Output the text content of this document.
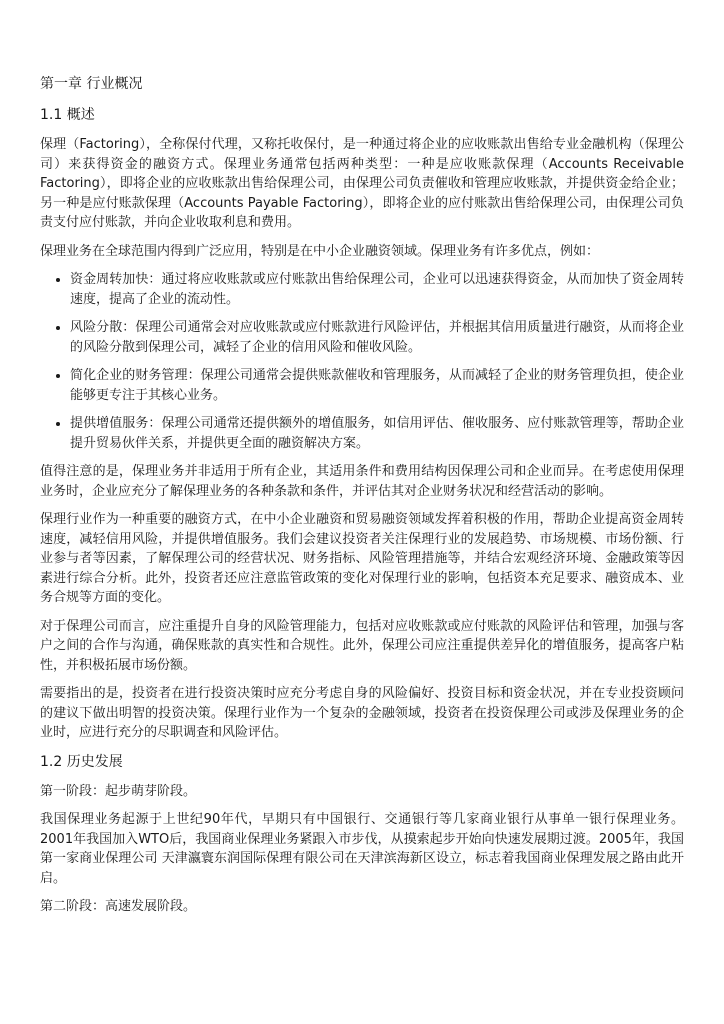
第一章 行业概况
1.1 概述

保理（Factoring），全称保付代理，又称托收保付，是一种通过将企业的应收账款出售给专业金融机构（保理公司）来获得资金的融资方式。保理业务通常包括两种类型：一种是应收账款保理（Accounts Receivable Factoring），即将企业的应收账款出售给保理公司，由保理公司负责催收和管理应收账款，并提供资金给企业；另一种是应付账款保理（Accounts Payable Factoring），即将企业的应付账款出售给保理公司，由保理公司负责支付应付账款，并向企业收取利息和费用。

保理业务在全球范围内得到广泛应用，特别是在中小企业融资领域。保理业务有许多优点，例如：

• 资金周转加快：通过将应收账款或应付账款出售给保理公司，企业可以迅速获得资金，从而加快了资金周转速度，提高了企业的流动性。
• 风险分散：保理公司通常会对应收账款或应付账款进行风险评估，并根据其信用质量进行融资，从而将企业的风险分散到保理公司，减轻了企业的信用风险和催收风险。
• 简化企业的财务管理：保理公司通常会提供账款催收和管理服务，从而减轻了企业的财务管理负担，使企业能够更专注于其核心业务。
• 提供增值服务：保理公司通常还提供额外的增值服务，如信用评估、催收服务、应付账款管理等，帮助企业提升贸易伙伴关系，并提供更全面的融资解决方案。

值得注意的是，保理业务并非适用于所有企业，其适用条件和费用结构因保理公司和企业而异。在考虑使用保理业务时，企业应充分了解保理业务的各种条款和条件，并评估其对企业财务状况和经营活动的影响。

保理行业作为一种重要的融资方式，在中小企业融资和贸易融资领域发挥着积极的作用，帮助企业提高资金周转速度，减轻信用风险，并提供增值服务。我们会建议投资者关注保理行业的发展趋势、市场规模、市场份额、行业参与者等因素，了解保理公司的经营状况、财务指标、风险管理措施等，并结合宏观经济环境、金融政策等因素进行综合分析。此外，投资者还应注意监管政策的变化对保理行业的影响，包括资本充足要求、融资成本、业务合规等方面的变化。

对于保理公司而言，应注重提升自身的风险管理能力，包括对应收账款或应付账款的风险评估和管理，加强与客户之间的合作与沟通，确保账款的真实性和合规性。此外，保理公司应注重提供差异化的增值服务，提高客户粘性，并积极拓展市场份额。

需要指出的是，投资者在进行投资决策时应充分考虑自身的风险偏好、投资目标和资金状况，并在专业投资顾问的建议下做出明智的投资决策。保理行业作为一个复杂的金融领域，投资者在投资保理公司或涉及保理业务的企业时，应进行充分的尽职调查和风险评估。

1.2 历史发展

第一阶段：起步萌芽阶段。

我国保理业务起源于上世纪90年代，早期只有中国银行、交通银行等几家商业银行从事单一银行保理业务。2001年我国加入WTO后，我国商业保理业务紧跟入市步伐，从摸索起步开始向快速发展期过渡。2005年，我国第一家商业保理公司 天津瀛寰东润国际保理有限公司在天津滨海新区设立，标志着我国商业保理发展之路由此开启。

第二阶段：高速发展阶段。
